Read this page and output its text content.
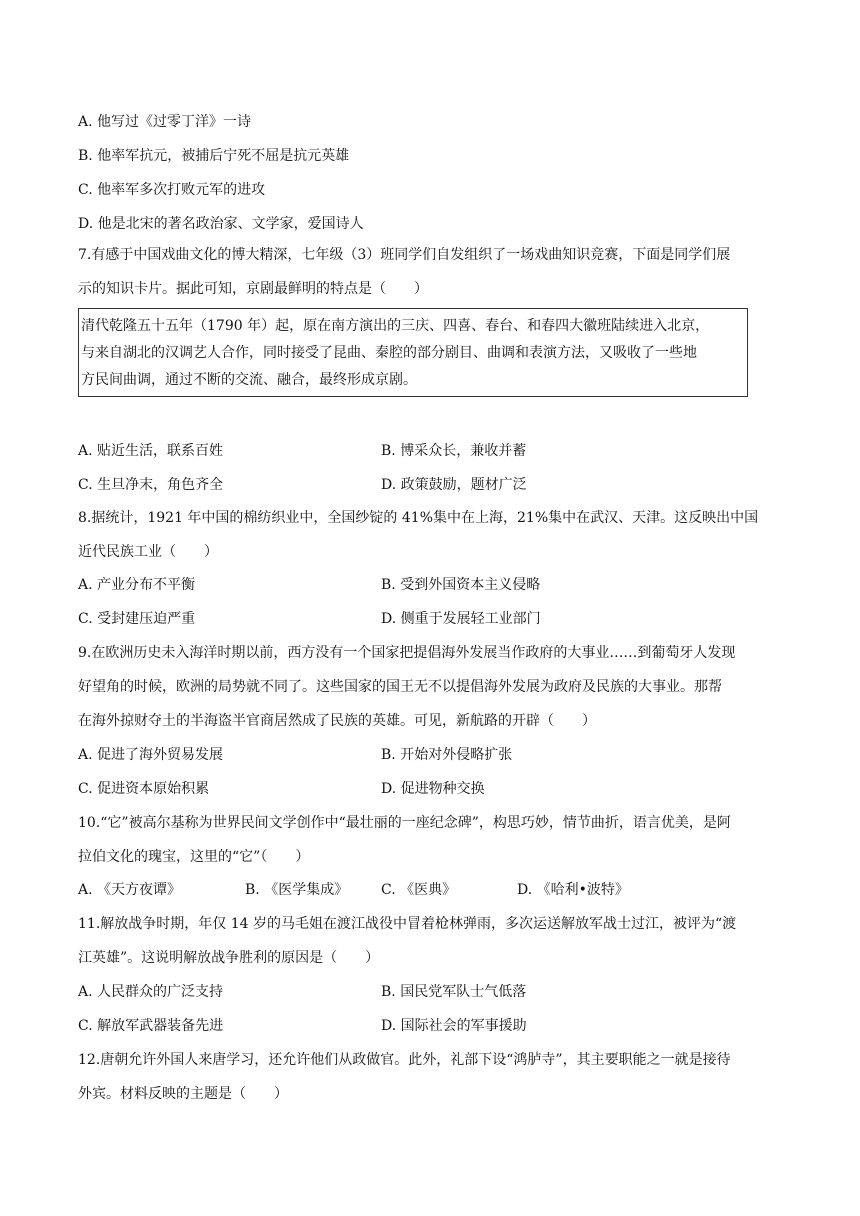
A. 他写过《过零丁洋》一诗
B. 他率军抗元，被捕后宁死不屈是抗元英雄
C. 他率军多次打败元军的进攻
D. 他是北宋的著名政治家、文学家，爱国诗人
7.有感于中国戏曲文化的博大精深，七年级（3）班同学们自发组织了一场戏曲知识竞赛，下面是同学们展
示的知识卡片。据此可知，京剧最鲜明的特点是（　　）
清代乾隆五十五年（1790 年）起，原在南方演出的三庆、四喜、春台、和春四大徽班陆续进入北京，
与来自湖北的汉调艺人合作，同时接受了昆曲、秦腔的部分剧目、曲调和表演方法，又吸收了一些地
方民间曲调，通过不断的交流、融合，最终形成京剧。
A. 贴近生活，联系百姓	B. 博采众长，兼收并蓄
C. 生旦净末，角色齐全	D. 政策鼓励，题材广泛
8.据统计，1921 年中国的棉纺织业中，全国纱锭的 41%集中在上海，21%集中在武汉、天津。这反映出中国
近代民族工业（　　）
A. 产业分布不平衡	B. 受到外国资本主义侵略
C. 受封建压迫严重	D. 侧重于发展轻工业部门
9.在欧洲历史未入海洋时期以前，西方没有一个国家把提倡海外发展当作政府的大事业……到葡萄牙人发现
好望角的时候，欧洲的局势就不同了。这些国家的国王无不以提倡海外发展为政府及民族的大事业。那帮
在海外掠财夺土的半海盗半官商居然成了民族的英雄。可见，新航路的开辟（　　）
A. 促进了海外贸易发展	B. 开始对外侵略扩张
C. 促进资本原始积累	D. 促进物种交换
10.“它”被高尔基称为世界民间文学创作中“最壮丽的一座纪念碑”，构思巧妙，情节曲折，语言优美，是阿
拉伯文化的瑰宝，这里的“它”（　　）
A. 《天方夜谭》	B. 《医学集成》 C. 《医典》	D. 《哈利•波特》
11.解放战争时期，年仅 14 岁的马毛姐在渡江战役中冒着枪林弹雨，多次运送解放军战士过江，被评为“渡
江英雄”。这说明解放战争胜利的原因是（　　）
A. 人民群众的广泛支持	B. 国民党军队士气低落
C. 解放军武器装备先进	D. 国际社会的军事援助
12.唐朝允许外国人来唐学习，还允许他们从政做官。此外，礼部下设“鸿胪寺”，其主要职能之一就是接待
外宾。材料反映的主题是（　　）
